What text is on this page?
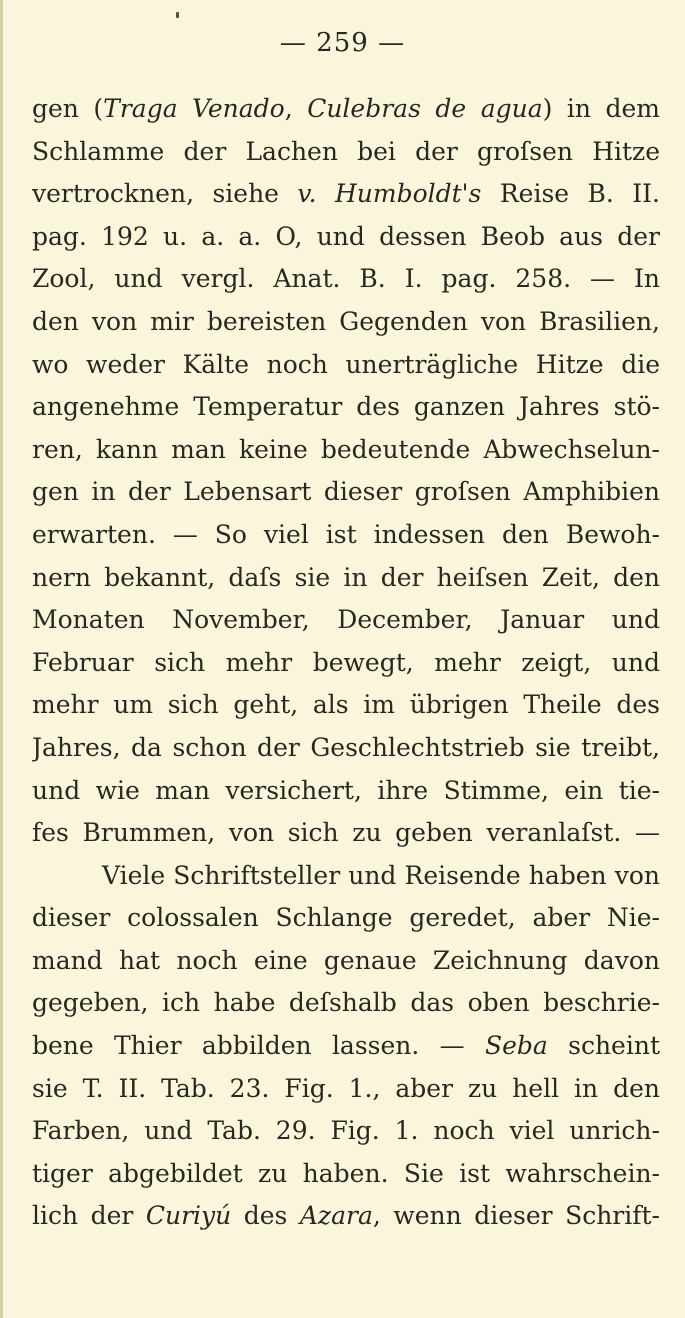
— 259 —
gen (Traga Venado, Culebras de agua) in dem
Schlamme der Lachen bei der groſsen Hitze
vertrocknen, siehe v. Humboldt's Reise B. II.
pag. 192 u. a. a. O, und dessen Beob aus der
Zool, und vergl. Anat. B. I. pag. 258. — In
den von mir bereisten Gegenden von Brasilien,
wo weder Kälte noch unerträgliche Hitze die
angenehme Temperatur des ganzen Jahres stö-
ren, kann man keine bedeutende Abwechselun-
gen in der Lebensart dieser groſsen Amphibien
erwarten. — So viel ist indessen den Bewoh-
nern bekannt, daſs sie in der heiſsen Zeit, den
Monaten November, December, Januar und
Februar sich mehr bewegt, mehr zeigt, und
mehr um sich geht, als im übrigen Theile des
Jahres, da schon der Geschlechtstrieb sie treibt,
und wie man versichert, ihre Stimme, ein tie-
fes Brummen, von sich zu geben veranlaſst. —
Viele Schriftsteller und Reisende haben von
dieser colossalen Schlange geredet, aber Nie-
mand hat noch eine genaue Zeichnung davon
gegeben, ich habe deſshalb das oben beschrie-
bene Thier abbilden lassen. — Seba scheint
sie T. II. Tab. 23. Fig. 1., aber zu hell in den
Farben, und Tab. 29. Fig. 1. noch viel unrich-
tiger abgebildet zu haben. Sie ist wahrschein-
lich der Curiyú des Azara, wenn dieser Schrift-
